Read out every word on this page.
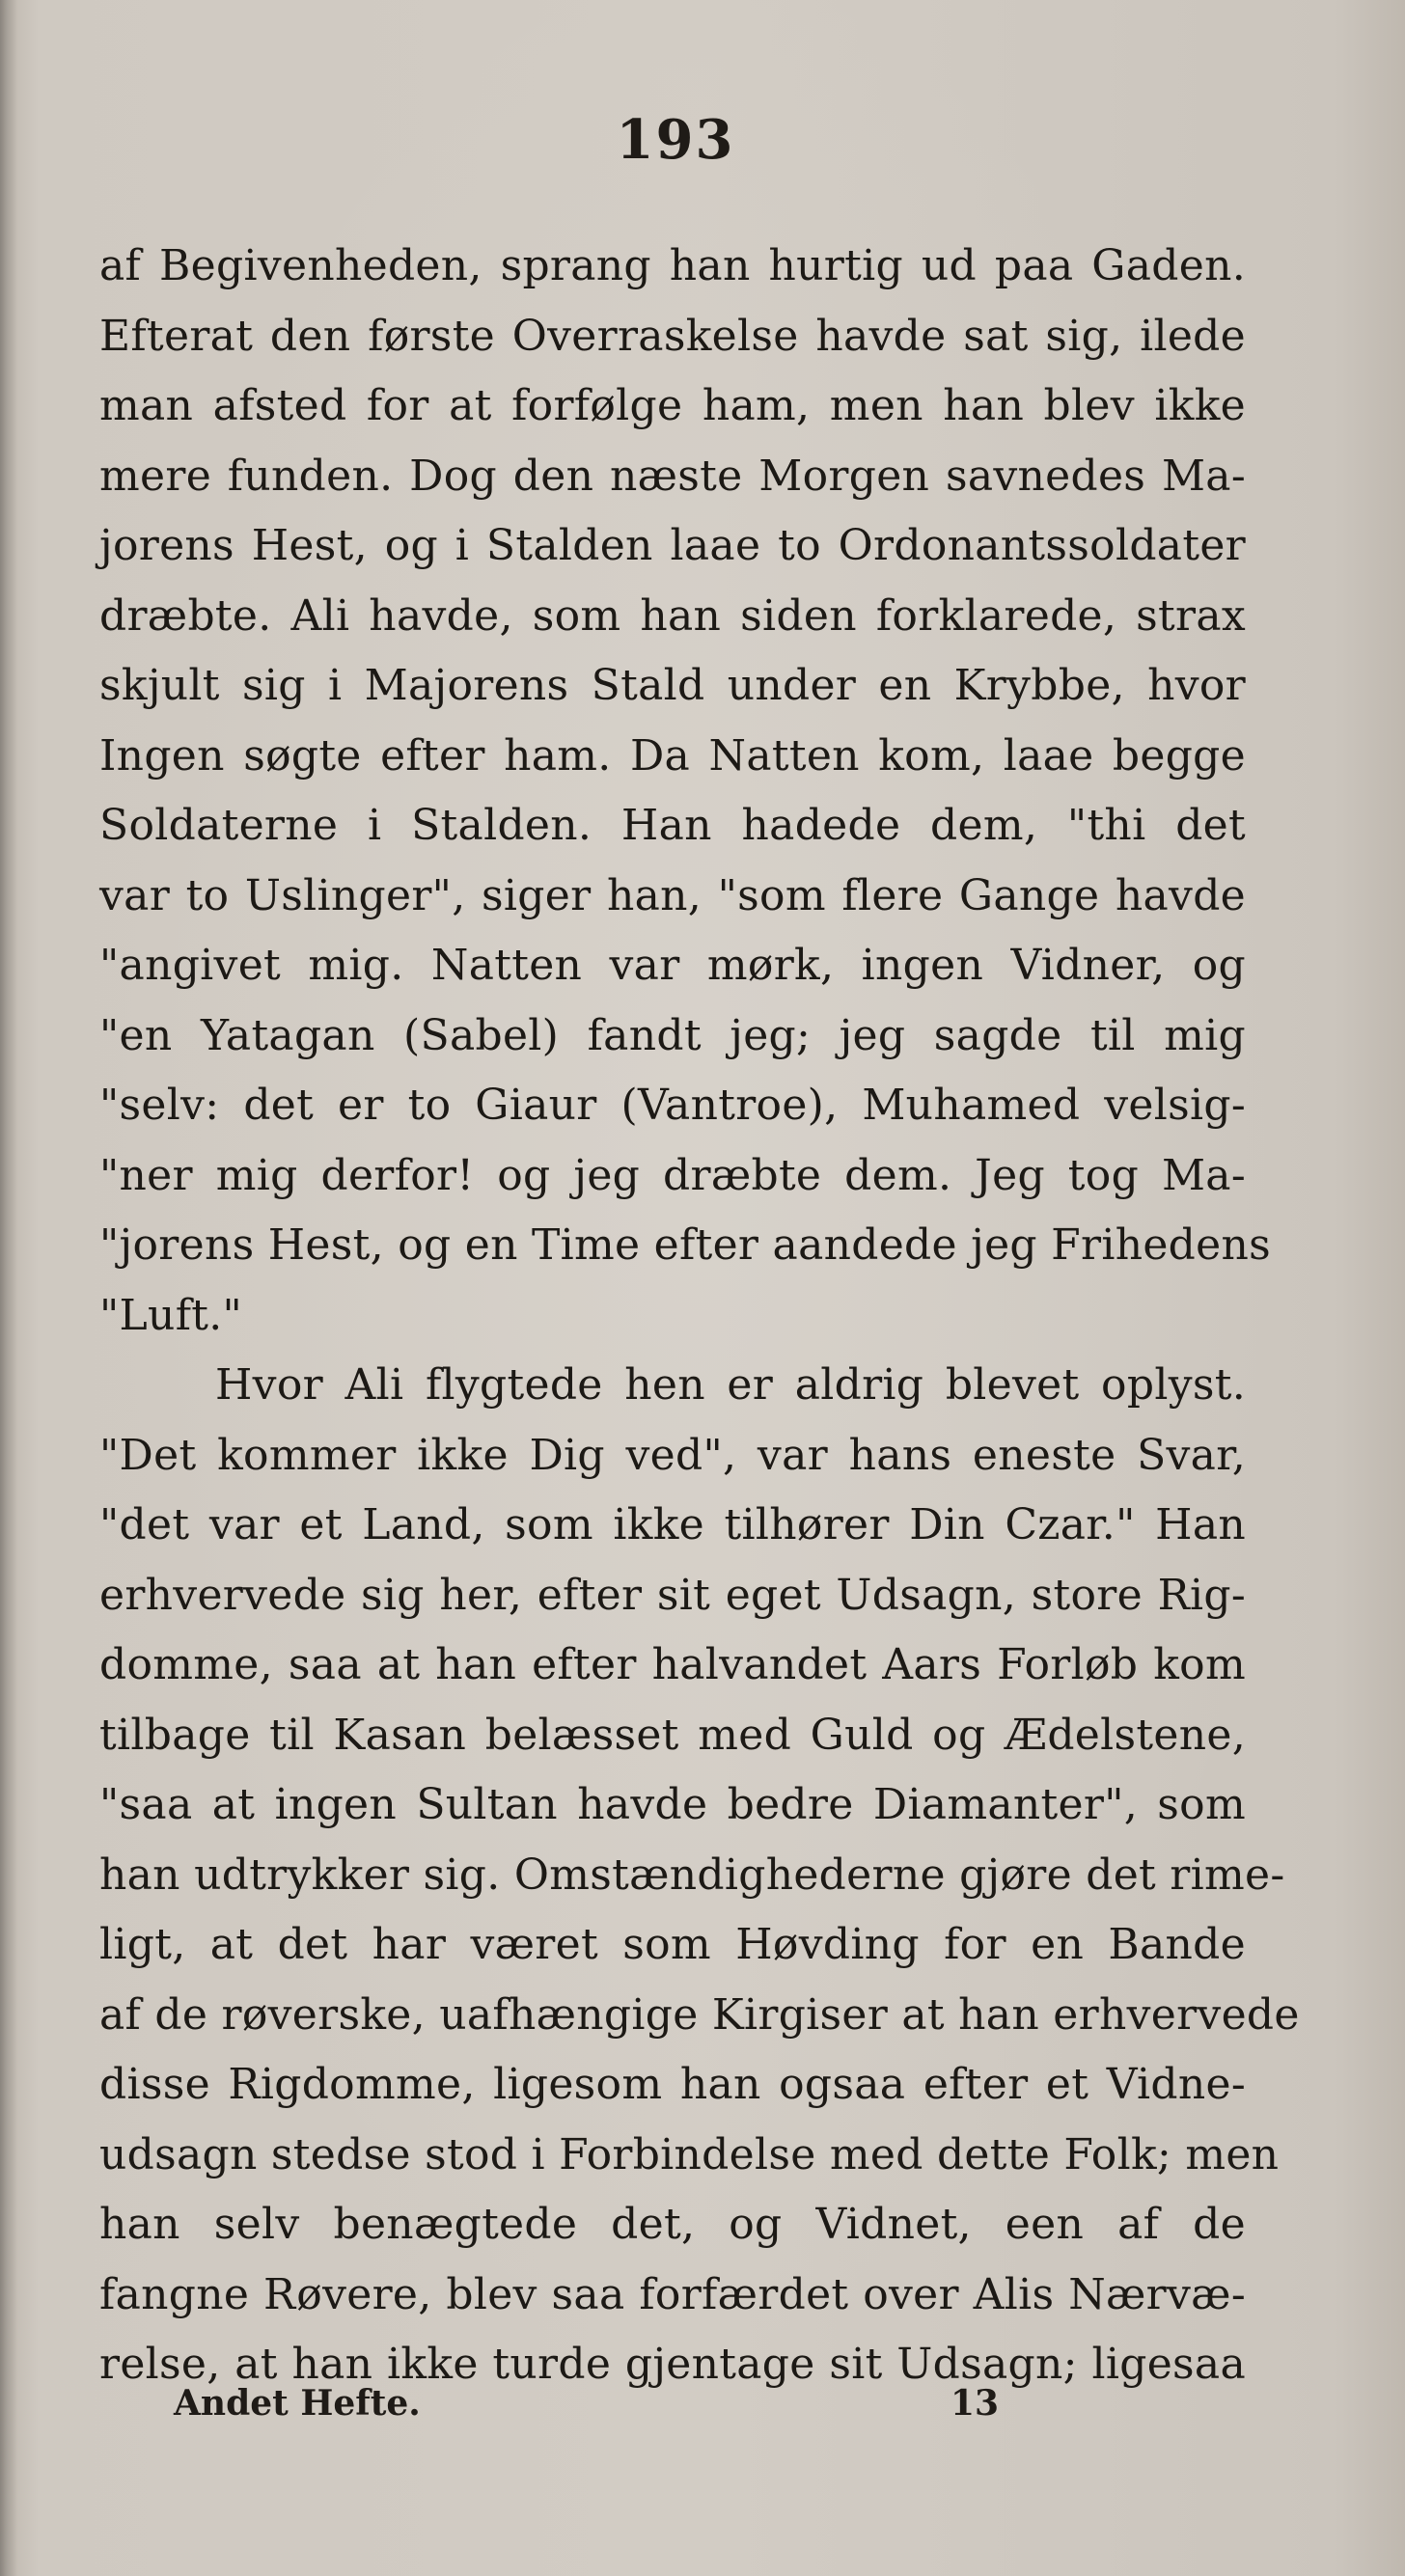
193
af Begivenheden, sprang han hurtig ud paa Gaden.
Efterat den første Overraskelse havde sat sig, ilede
man afsted for at forfølge ham, men han blev ikke
mere funden. Dog den næste Morgen savnedes Ma-
jorens Hest, og i Stalden laae to Ordonantssoldater
dræbte. Ali havde, som han siden forklarede, strax
skjult sig i Majorens Stald under en Krybbe, hvor
Ingen søgte efter ham. Da Natten kom, laae begge
Soldaterne i Stalden. Han hadede dem, "thi det
var to Uslinger", siger han, "som flere Gange havde
"angivet mig. Natten var mørk, ingen Vidner, og
"en Yatagan (Sabel) fandt jeg; jeg sagde til mig
"selv: det er to Giaur (Vantroe), Muhamed velsig-
"ner mig derfor! og jeg dræbte dem. Jeg tog Ma-
"jorens Hest, og en Time efter aandede jeg Frihedens
"Luft."
Hvor Ali flygtede hen er aldrig blevet oplyst.
"Det kommer ikke Dig ved", var hans eneste Svar,
"det var et Land, som ikke tilhører Din Czar." Han
erhvervede sig her, efter sit eget Udsagn, store Rig-
domme, saa at han efter halvandet Aars Forløb kom
tilbage til Kasan belæsset med Guld og Ædelstene,
"saa at ingen Sultan havde bedre Diamanter", som
han udtrykker sig. Omstændighederne gjøre det rime-
ligt, at det har været som Høvding for en Bande
af de røverske, uafhængige Kirgiser at han erhvervede
disse Rigdomme, ligesom han ogsaa efter et Vidne-
udsagn stedse stod i Forbindelse med dette Folk; men
han selv benægtede det, og Vidnet, een af de
fangne Røvere, blev saa forfærdet over Alis Nærvæ-
relse, at han ikke turde gjentage sit Udsagn; ligesaa
Andet Hefte.	13
